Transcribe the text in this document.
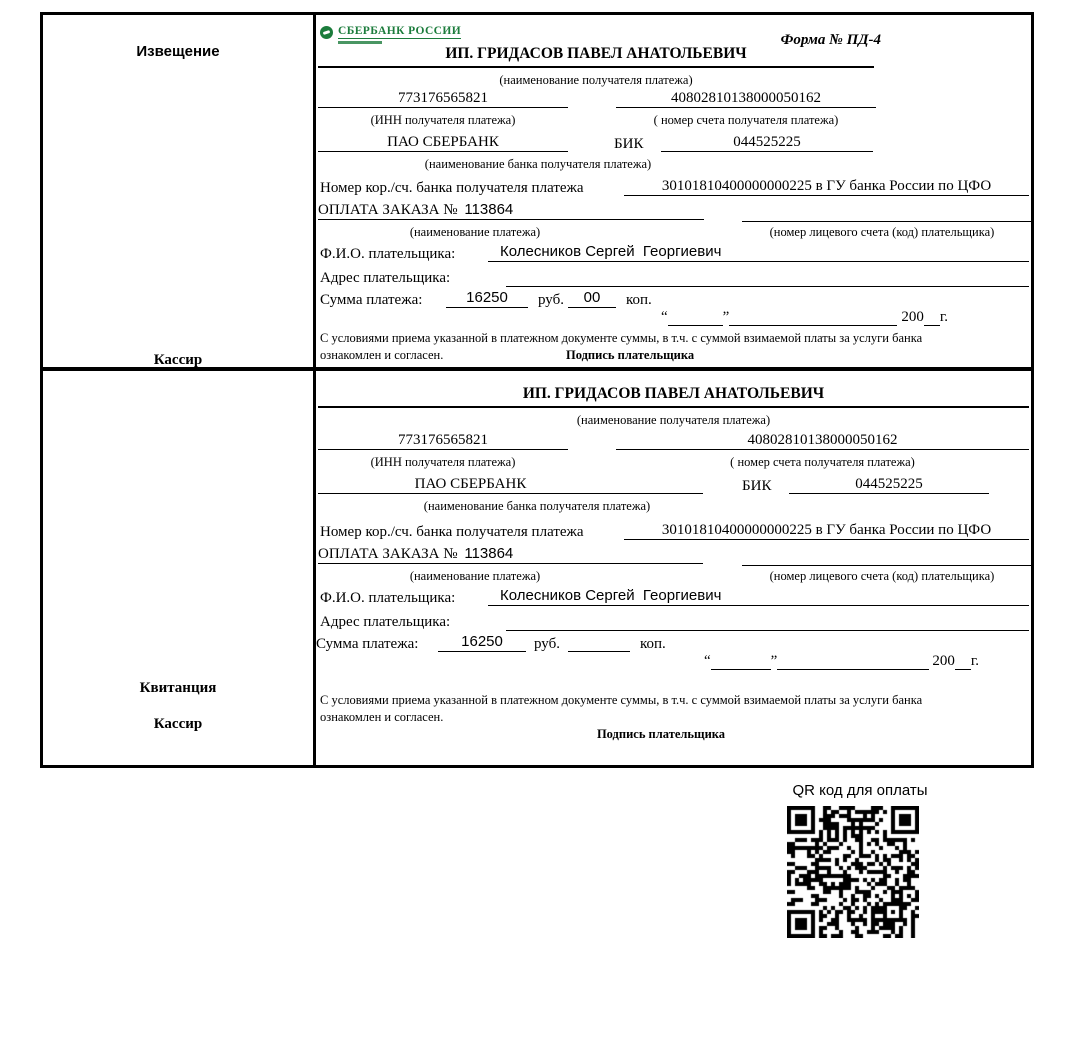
Извещение
Кассир
СБЕРБАНК РОССИИ
Форма № ПД-4
ИП. ГРИДАСОВ ПАВЕЛ АНАТОЛЬЕВИЧ
(наименование получателя платежа)
773176565821	40802810138000050162
(ИНН получателя платежа)	( номер счета получателя платежа)
ПАО СБЕРБАНК	БИК	044525225
(наименование банка получателя платежа)
Номер кор./сч. банка получателя платежа	30101810400000000225 в ГУ банка России по ЦФО
ОПЛАТА ЗАКАЗА № 113864
(наименование платежа)	(номер лицевого счета (код) плательщика)
Ф.И.О. плательщика:	Колесников Сергей  Георгиевич
Адрес плательщика:
Сумма платежа:	16250	руб.	00	коп.
“	”	200 г.
С условиями приема указанной в платежном документе суммы, в т.ч. с суммой взимаемой платы за услуги банка
ознакомлен и согласен.	Подпись плательщика
Квитанция
Кассир
ИП. ГРИДАСОВ ПАВЕЛ АНАТОЛЬЕВИЧ
(наименование получателя платежа)
773176565821	40802810138000050162
(ИНН получателя платежа)	( номер счета получателя платежа)
ПАО СБЕРБАНК	БИК	044525225
(наименование банка получателя платежа)
Номер кор./сч. банка получателя платежа	30101810400000000225 в ГУ банка России по ЦФО
ОПЛАТА ЗАКАЗА № 113864
(наименование платежа)	(номер лицевого счета (код) плательщика)
Ф.И.О. плательщика:	Колесников Сергей  Георгиевич
Адрес плательщика:
Сумма платежа:	16250	руб.	коп.
“	”	200 г.
С условиями приема указанной в платежном документе суммы, в т.ч. с суммой взимаемой платы за услуги банка
ознакомлен и согласен.
Подпись плательщика
QR код для оплаты
